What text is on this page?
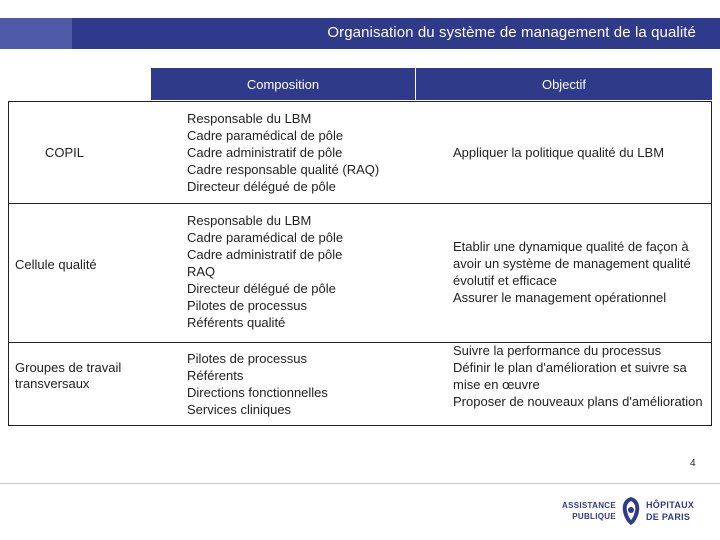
Organisation du système de management de la qualité
Composition	Objectif
COPIL
Responsable du LBM
Cadre paramédical de pôle
Cadre administratif de pôle
Cadre responsable qualité (RAQ)
Directeur délégué de pôle
Appliquer la politique qualité du LBM
Cellule qualité
Responsable du LBM
Cadre paramédical de pôle
Cadre administratif de pôle
RAQ
Directeur délégué de pôle
Pilotes de processus
Référents qualité
Etablir une dynamique qualité de façon à avoir un système de management qualité évolutif et efficace
Assurer le management opérationnel
Groupes de travail transversaux
Pilotes de processus
Référents
Directions fonctionnelles
Services cliniques
Suivre la performance du processus
Définir le plan d'amélioration et suivre sa mise en œuvre
Proposer de nouveaux plans d'amélioration
4
ASSISTANCE
PUBLIQUE
HÔPITAUX
DE PARIS
